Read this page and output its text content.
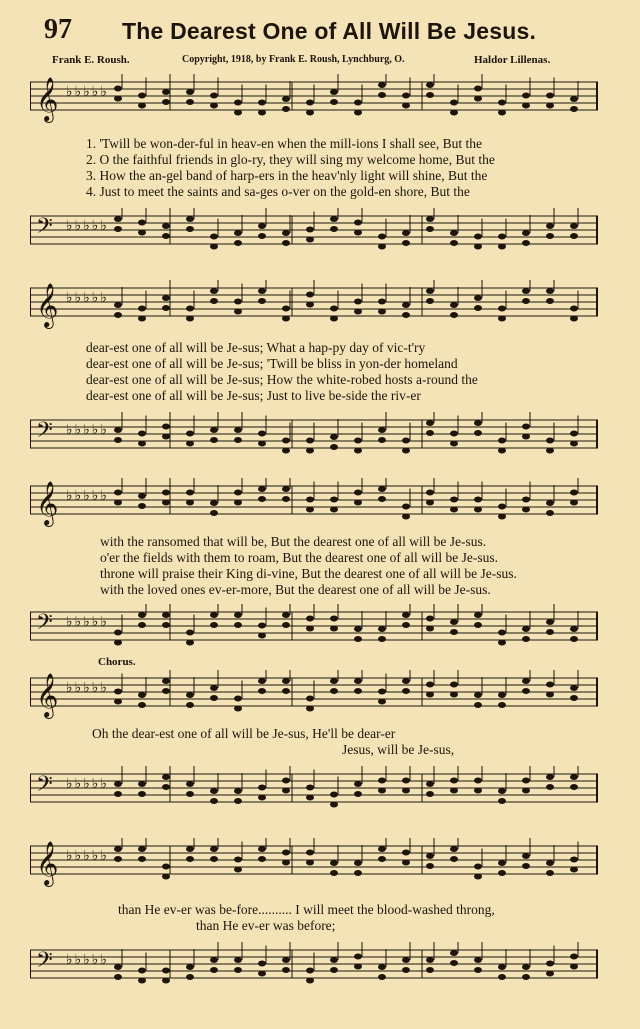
97 The Dearest One of All Will Be Jesus.
Frank E. Roush.	Copyright, 1918, by Frank E. Roush, Lynchburg, O.	Haldor Lillenas.
𝄞 ♭♭♭♭♭
1. 'Twill be won-der-ful in heav-en when the mill-ions I shall see, But the
2. O the faithful friends in glo-ry, they will sing my welcome home, But the
3. How the an-gel band of harp-ers in the heav'nly light will shine, But the
4. Just to meet the saints and sa-ges o-ver on the gold-en shore, But the
𝄢 ♭♭♭♭♭
𝄞 ♭♭♭♭♭
dear-est one of all will be Je-sus; What a hap-py day of vic-t'ry
dear-est one of all will be Je-sus; 'Twill be bliss in yon-der homeland
dear-est one of all will be Je-sus; How the white-robed hosts a-round the
dear-est one of all will be Je-sus; Just to live be-side the riv-er
𝄢 ♭♭♭♭♭
𝄞 ♭♭♭♭♭
with the ransomed that will be, But the dearest one of all will be Je-sus.
o'er the fields with them to roam, But the dearest one of all will be Je-sus.
throne will praise their King di-vine, But the dearest one of all will be Je-sus.
with the loved ones ev-er-more, But the dearest one of all will be Je-sus.
𝄢 ♭♭♭♭♭
Chorus.
𝄞 ♭♭♭♭♭
Oh the dear-est one of all will be Je-sus, He'll be dear-er
Jesus, will be Je-sus,
𝄢 ♭♭♭♭♭
𝄞 ♭♭♭♭♭
than He ev-er was be-fore.......... I will meet the blood-washed throng,
than He ev-er was before;
𝄢 ♭♭♭♭♭
